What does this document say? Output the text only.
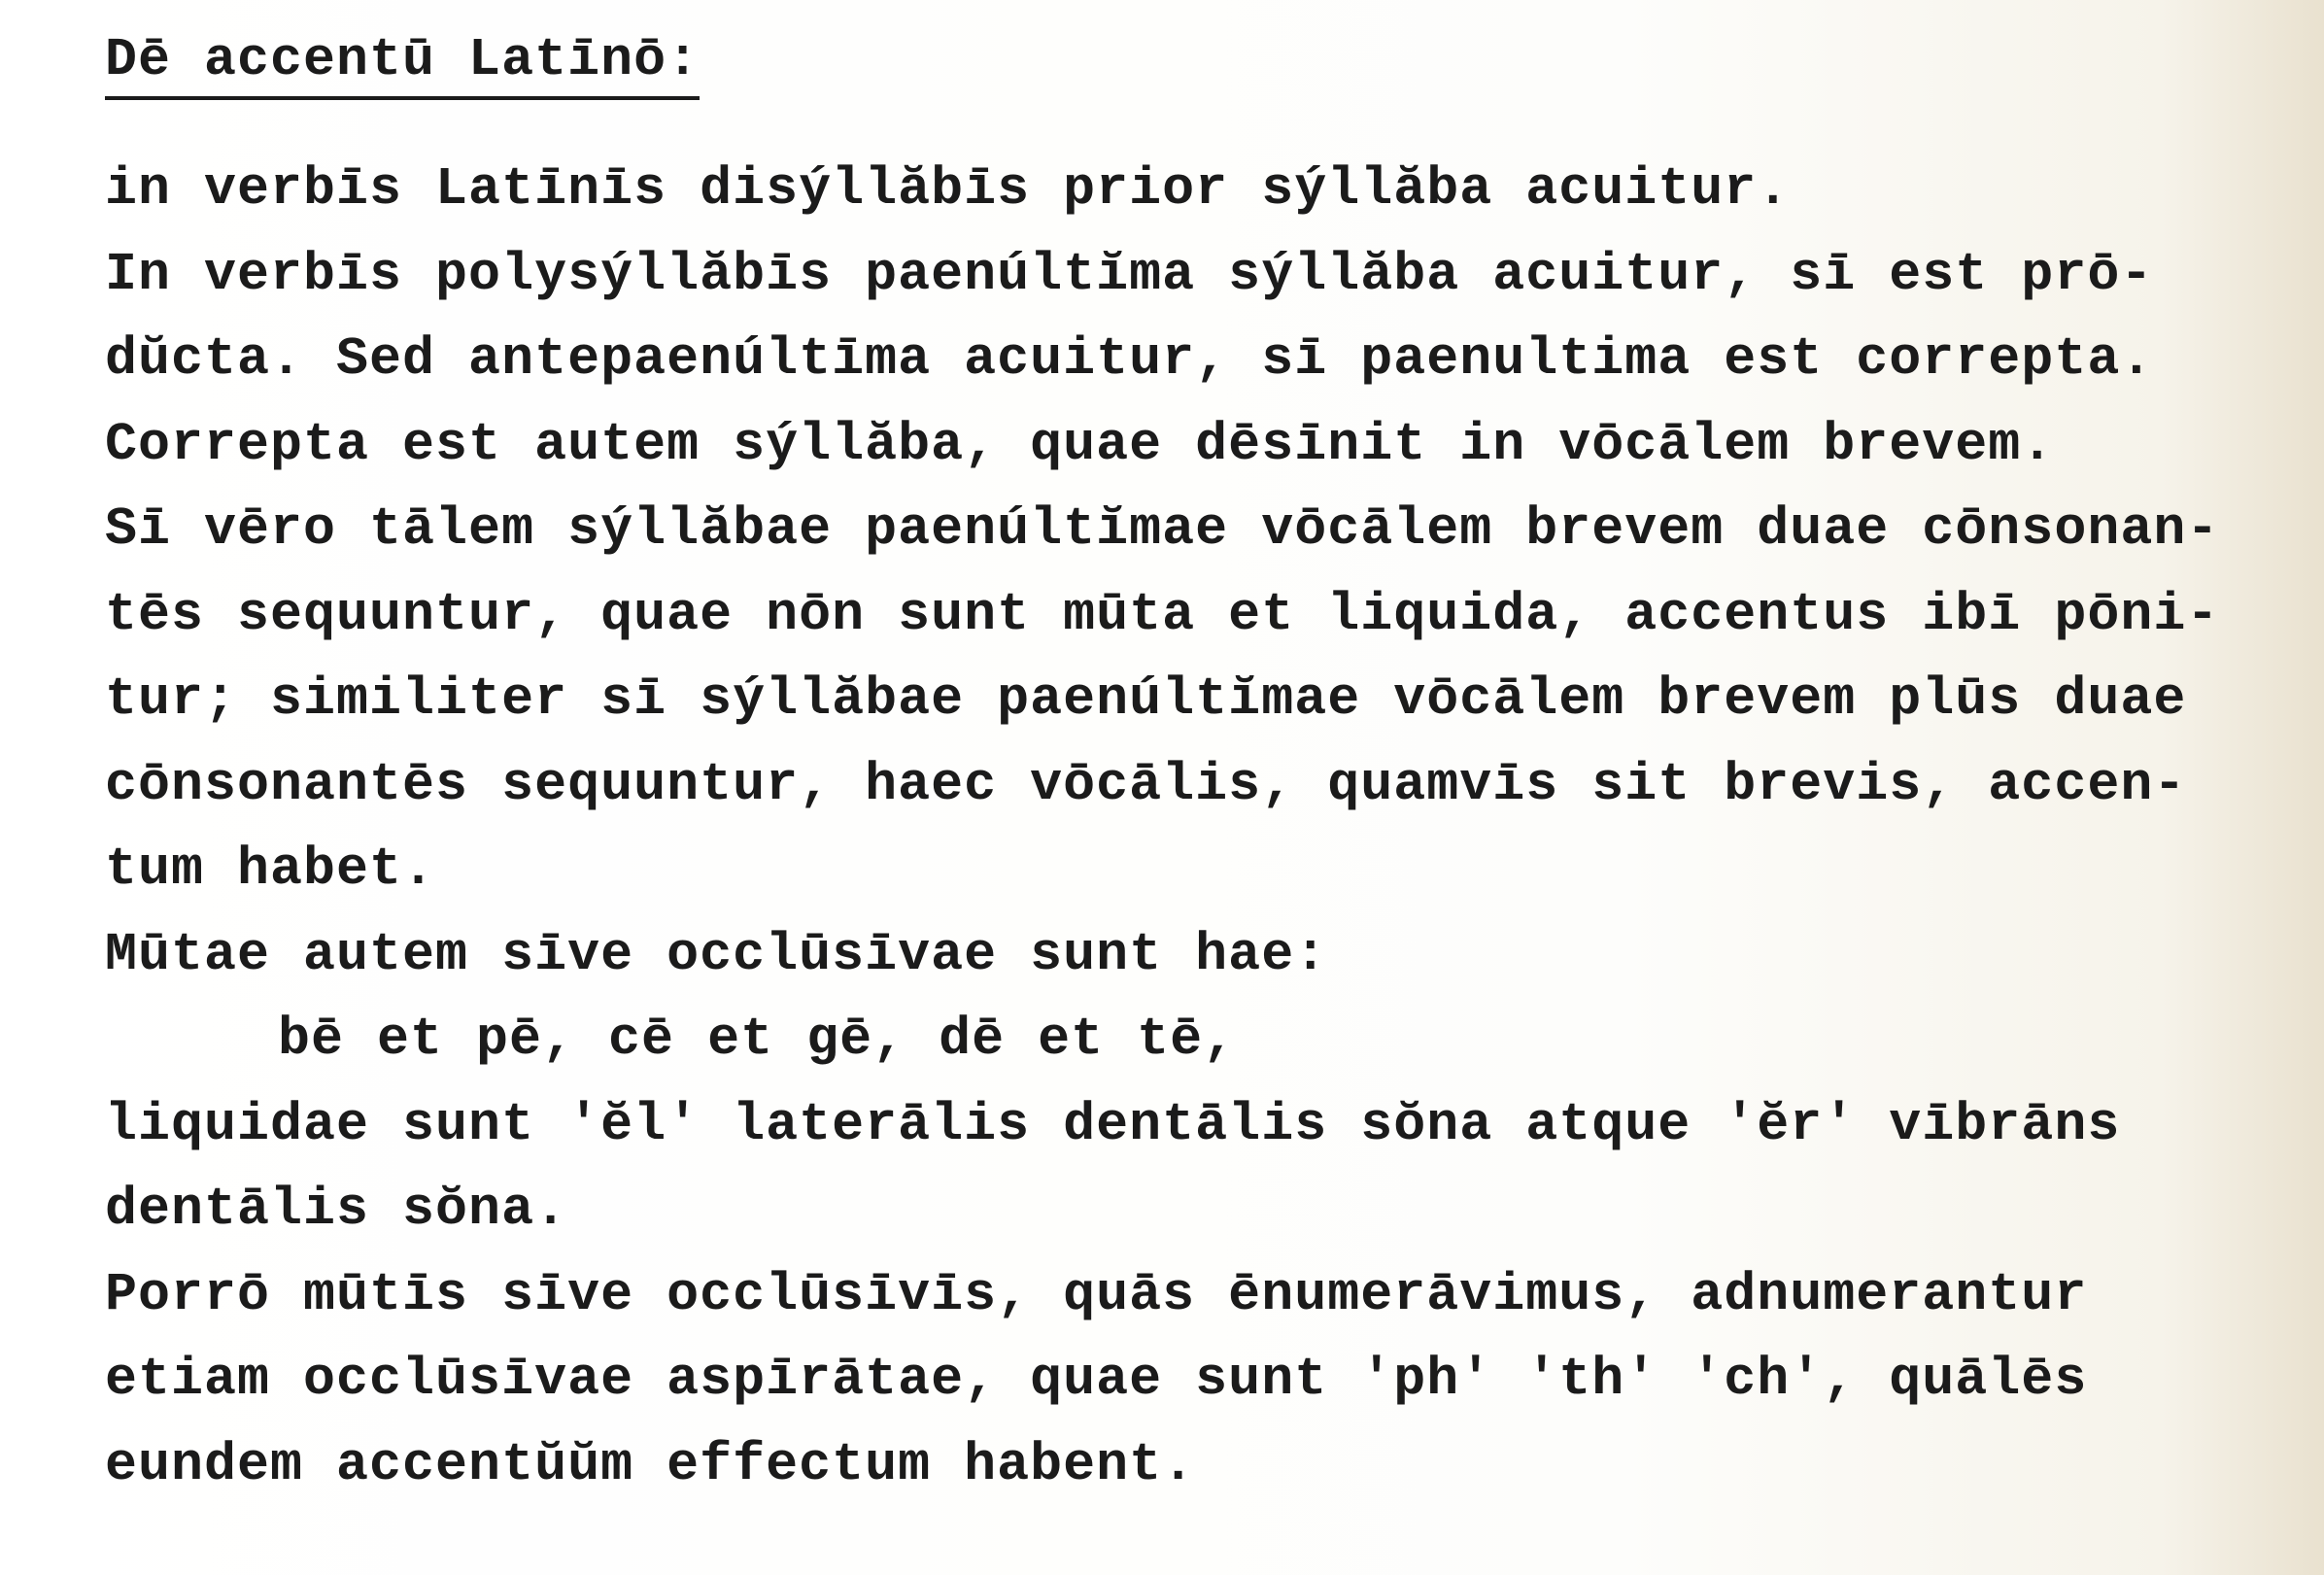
Dē accentū Latīnō:
in verbīs Latīnīs disýllăbīs prior sýllăba acuitur.
In verbīs polysýllăbīs paenúltĭma sýllăba acuitur, sī est prō-
dŭcta. Sed antepaenúltīma acuitur, sī paenultima est correpta.
Correpta est autem sýllăba, quae dēsīnit in vōcālem brevem.
Sī vēro tālem sýllăbae paenúltĭmae vōcālem brevem duae cōnsonan-
tēs sequuntur, quae nōn sunt mūta et liquida, accentus ibī pōni-
tur; similiter sī sýllăbae paenúltĭmae vōcālem brevem plūs duae
cōnsonantēs sequuntur, haec vōcālis, quamvīs sit brevis, accen-
tum habet.
Mūtae autem sīve occlūsīvae sunt hae:
bē et pē, cē et gē, dē et tē,
liquidae sunt 'ĕl' laterālis dentālis sŏna atque 'ĕr' vībrāns
dentālis sŏna.
Porrō mūtīs sīve occlūsīvīs, quās ēnumerāvimus, adnumerantur
etiam occlūsīvae aspīrātae, quae sunt 'ph' 'th' 'ch', quālēs
eundem accentŭŭm effectum habent.
